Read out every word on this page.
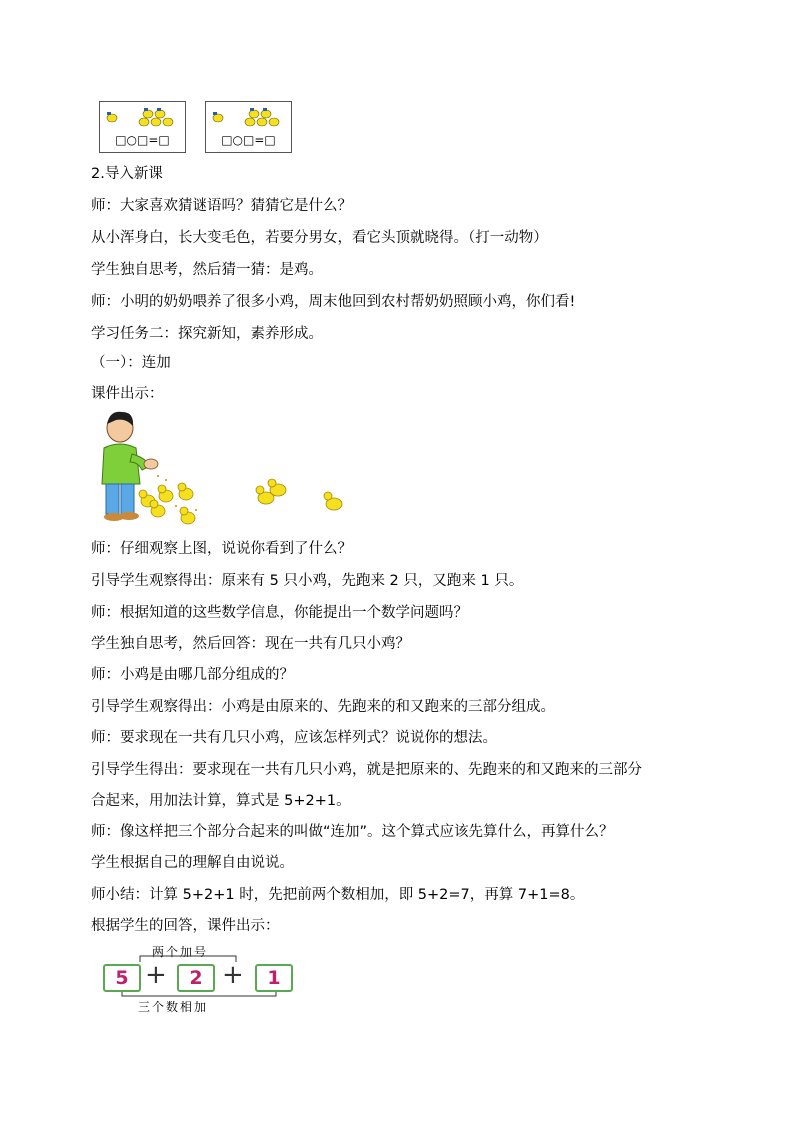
□○□=□	□○□=□
2.导入新课
师：大家喜欢猜谜语吗？猜猜它是什么？
从小浑身白，长大变毛色，若要分男女，看它头顶就晓得。（打一动物）
学生独自思考，然后猜一猜：是鸡。
师：小明的奶奶喂养了很多小鸡，周末他回到农村帮奶奶照顾小鸡，你们看!
学习任务二：探究新知，素养形成。
（一）：连加
课件出示：
师：仔细观察上图，说说你看到了什么？
引导学生观察得出：原来有 5 只小鸡，先跑来 2 只，又跑来 1 只。
师：根据知道的这些数学信息，你能提出一个数学问题吗？
学生独自思考，然后回答：现在一共有几只小鸡？
师：小鸡是由哪几部分组成的？
引导学生观察得出：小鸡是由原来的、先跑来的和又跑来的三部分组成。
师：要求现在一共有几只小鸡，应该怎样列式？说说你的想法。
引导学生得出：要求现在一共有几只小鸡，就是把原来的、先跑来的和又跑来的三部分
合起来，用加法计算，算式是 5+2+1。
师：像这样把三个部分合起来的叫做“连加”。这个算式应该先算什么，再算什么？
学生根据自己的理解自由说说。
师小结：计算 5+2+1 时，先把前两个数相加，即 5+2=7，再算 7+1=8。
根据学生的回答，课件出示：
两个加号
5 +	2 +	1
三个数相加
